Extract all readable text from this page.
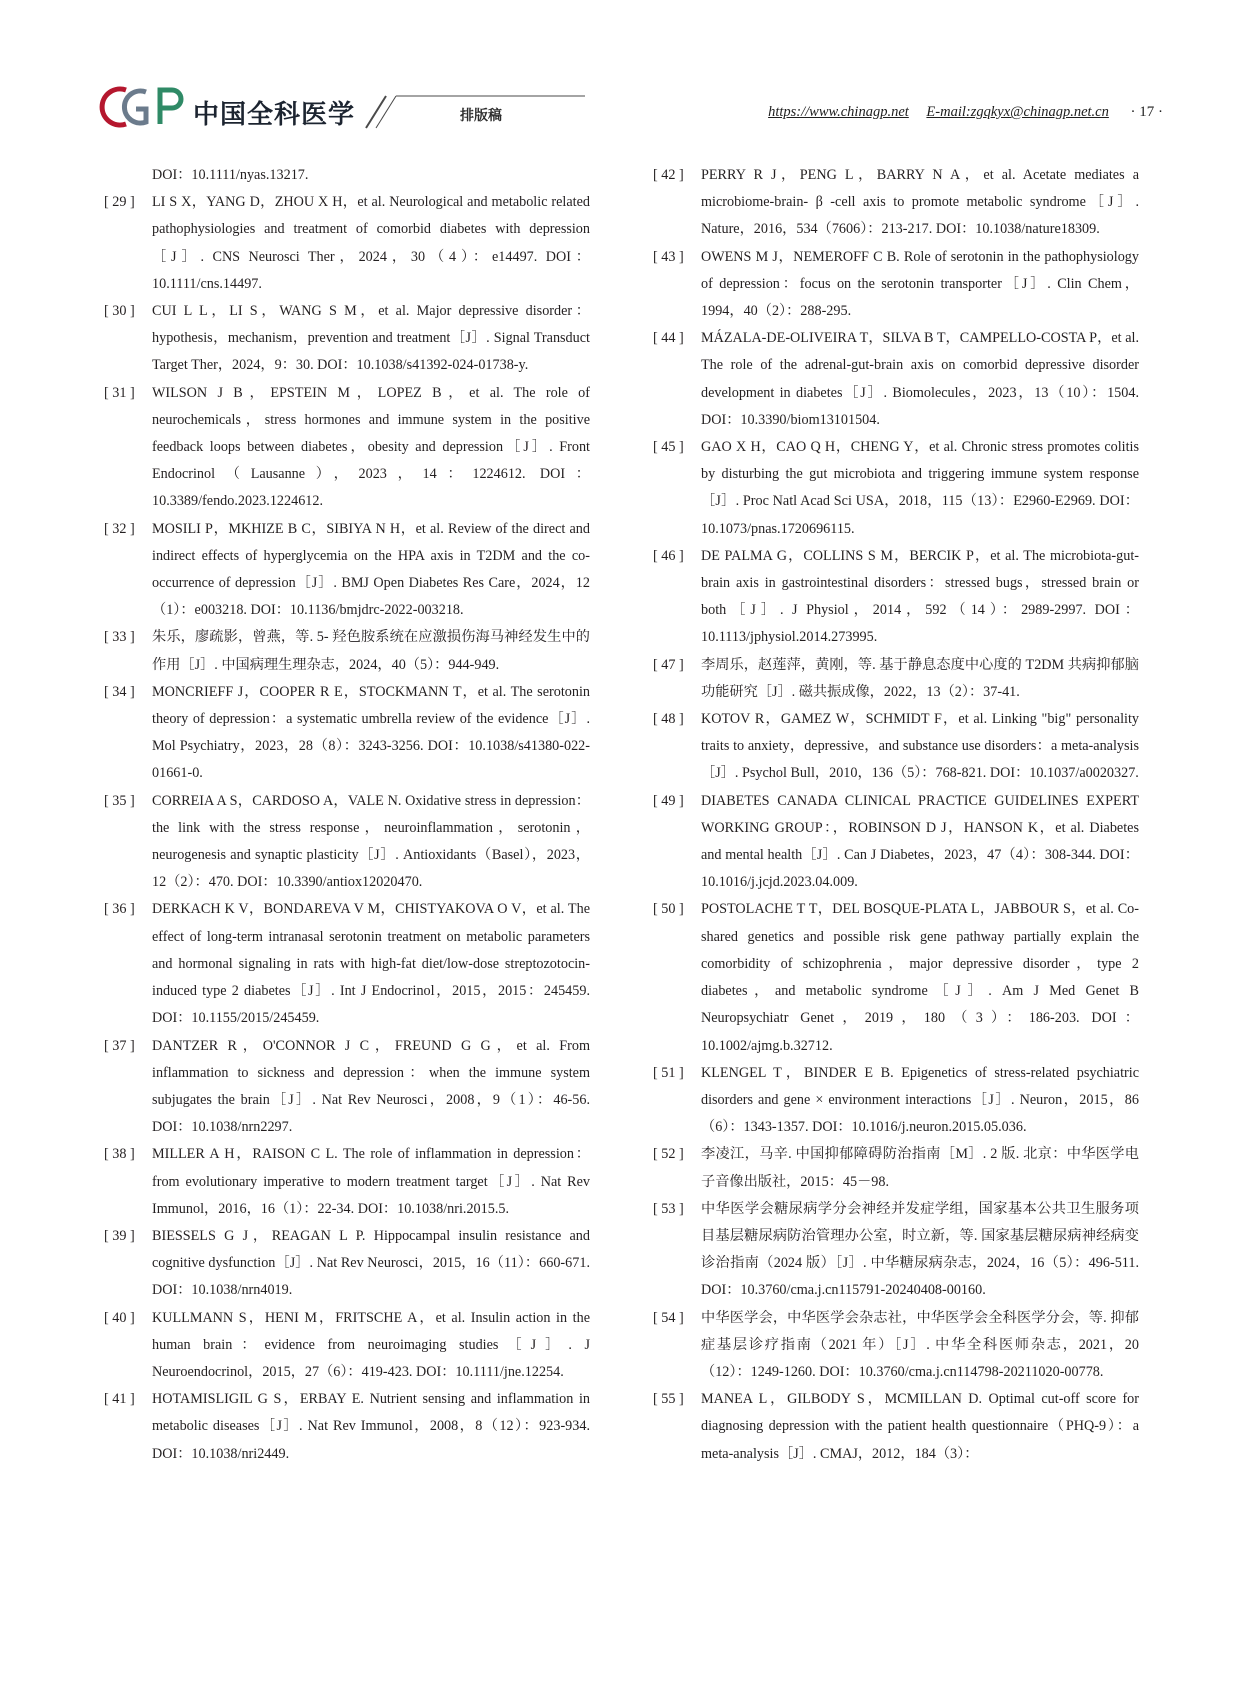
中国全科医学	排版稿	https://www.chinagp.net E-mail:zgqkyx@chinagp.net.cn · 17 ·
DOI：10.1111/nyas.13217.
[ 29 ] LI S X，YANG D，ZHOU X H，et al. Neurological and metabolic related pathophysiologies and treatment of comorbid diabetes with depression［J］. CNS Neurosci Ther，2024，30（4）：e14497. DOI：10.1111/cns.14497.
[ 30 ] CUI L L，LI S，WANG S M，et al. Major depressive disorder：hypothesis，mechanism，prevention and treatment［J］. Signal Transduct Target Ther，2024，9：30. DOI：10.1038/s41392-024-01738-y.
[ 31 ] WILSON J B，EPSTEIN M，LOPEZ B，et al. The role of neurochemicals，stress hormones and immune system in the positive feedback loops between diabetes，obesity and depression［J］. Front Endocrinol（Lausanne），2023，14：1224612. DOI：10.3389/fendo.2023.1224612.
[ 32 ] MOSILI P，MKHIZE B C，SIBIYA N H，et al. Review of the direct and indirect effects of hyperglycemia on the HPA axis in T2DM and the co-occurrence of depression［J］. BMJ Open Diabetes Res Care，2024，12（1）：e003218. DOI：10.1136/bmjdrc-2022-003218.
[ 33 ] 朱乐，廖疏影，曾燕，等. 5- 羟色胺系统在应激损伤海马神经发生中的作用［J］. 中国病理生理杂志，2024，40（5）：944-949.
[ 34 ] MONCRIEFF J，COOPER R E，STOCKMANN T，et al. The serotonin theory of depression：a systematic umbrella review of the evidence［J］. Mol Psychiatry，2023，28（8）：3243-3256. DOI：10.1038/s41380-022-01661-0.
[ 35 ] CORREIA A S，CARDOSO A，VALE N. Oxidative stress in depression：the link with the stress response，neuroinflammation，serotonin，neurogenesis and synaptic plasticity［J］. Antioxidants（Basel），2023，12（2）：470. DOI：10.3390/antiox12020470.
[ 36 ] DERKACH K V，BONDAREVA V M，CHISTYAKOVA O V，et al. The effect of long-term intranasal serotonin treatment on metabolic parameters and hormonal signaling in rats with high-fat diet/low-dose streptozotocin-induced type 2 diabetes［J］. Int J Endocrinol，2015，2015：245459. DOI：10.1155/2015/245459.
[ 37 ] DANTZER R，O'CONNOR J C，FREUND G G，et al. From inflammation to sickness and depression：when the immune system subjugates the brain［J］. Nat Rev Neurosci，2008，9（1）：46-56. DOI：10.1038/nrn2297.
[ 38 ] MILLER A H，RAISON C L. The role of inflammation in depression：from evolutionary imperative to modern treatment target［J］. Nat Rev Immunol，2016，16（1）：22-34. DOI：10.1038/nri.2015.5.
[ 39 ] BIESSELS G J，REAGAN L P. Hippocampal insulin resistance and cognitive dysfunction［J］. Nat Rev Neurosci，2015，16（11）：660-671. DOI：10.1038/nrn4019.
[ 40 ] KULLMANN S，HENI M，FRITSCHE A，et al. Insulin action in the human brain：evidence from neuroimaging studies［J］. J Neuroendocrinol，2015，27（6）：419-423. DOI：10.1111/jne.12254.
[ 41 ] HOTAMISLIGIL G S，ERBAY E. Nutrient sensing and inflammation in metabolic diseases［J］. Nat Rev Immunol，2008，8（12）：923-934. DOI：10.1038/nri2449.
[ 42 ] PERRY R J，PENG L，BARRY N A，et al. Acetate mediates a microbiome-brain- β -cell axis to promote metabolic syndrome［J］. Nature，2016，534（7606）：213-217. DOI：10.1038/nature18309.
[ 43 ] OWENS M J，NEMEROFF C B. Role of serotonin in the pathophysiology of depression：focus on the serotonin transporter［J］. Clin Chem，1994，40（2）：288-295.
[ 44 ] MÁZALA-DE-OLIVEIRA T，SILVA B T，CAMPELLO-COSTA P，et al. The role of the adrenal-gut-brain axis on comorbid depressive disorder development in diabetes［J］. Biomolecules，2023，13（10）：1504. DOI：10.3390/biom13101504.
[ 45 ] GAO X H，CAO Q H，CHENG Y，et al. Chronic stress promotes colitis by disturbing the gut microbiota and triggering immune system response［J］. Proc Natl Acad Sci USA，2018，115（13）：E2960-E2969. DOI：10.1073/pnas.1720696115.
[ 46 ] DE PALMA G，COLLINS S M，BERCIK P，et al. The microbiota-gut-brain axis in gastrointestinal disorders：stressed bugs，stressed brain or both［J］. J Physiol，2014，592（14）：2989-2997. DOI：10.1113/jphysiol.2014.273995.
[ 47 ] 李周乐，赵莲萍，黄刚，等. 基于静息态度中心度的 T2DM 共病抑郁脑功能研究［J］. 磁共振成像，2022，13（2）：37-41.
[ 48 ] KOTOV R，GAMEZ W，SCHMIDT F，et al. Linking "big" personality traits to anxiety，depressive，and substance use disorders：a meta-analysis［J］. Psychol Bull，2010，136（5）：768-821. DOI：10.1037/a0020327.
[ 49 ] DIABETES CANADA CLINICAL PRACTICE GUIDELINES EXPERT WORKING GROUP：，ROBINSON D J，HANSON K，et al. Diabetes and mental health［J］. Can J Diabetes，2023，47（4）：308-344. DOI：10.1016/j.jcjd.2023.04.009.
[ 50 ] POSTOLACHE T T，DEL BOSQUE-PLATA L，JABBOUR S，et al. Co-shared genetics and possible risk gene pathway partially explain the comorbidity of schizophrenia，major depressive disorder，type 2 diabetes，and metabolic syndrome［J］. Am J Med Genet B Neuropsychiatr Genet，2019，180（3）：186-203. DOI：10.1002/ajmg.b.32712.
[ 51 ] KLENGEL T，BINDER E B. Epigenetics of stress-related psychiatric disorders and gene × environment interactions［J］. Neuron，2015，86（6）：1343-1357. DOI：10.1016/j.neuron.2015.05.036.
[ 52 ] 李凌江，马辛. 中国抑郁障碍防治指南［M］. 2 版. 北京：中华医学电子音像出版社，2015：45－98.
[ 53 ] 中华医学会糖尿病学分会神经并发症学组，国家基本公共卫生服务项目基层糖尿病防治管理办公室，时立新，等. 国家基层糖尿病神经病变诊治指南（2024 版）［J］. 中华糖尿病杂志，2024，16（5）：496-511. DOI：10.3760/cma.j.cn115791-20240408-00160.
[ 54 ] 中华医学会，中华医学会杂志社，中华医学会全科医学分会，等. 抑郁症基层诊疗指南（2021 年）［J］. 中华全科医师杂志，2021，20（12）：1249-1260. DOI：10.3760/cma.j.cn114798-20211020-00778.
[ 55 ] MANEA L，GILBODY S，MCMILLAN D. Optimal cut-off score for diagnosing depression with the patient health questionnaire（PHQ-9）：a meta-analysis［J］. CMAJ，2012，184（3）：
